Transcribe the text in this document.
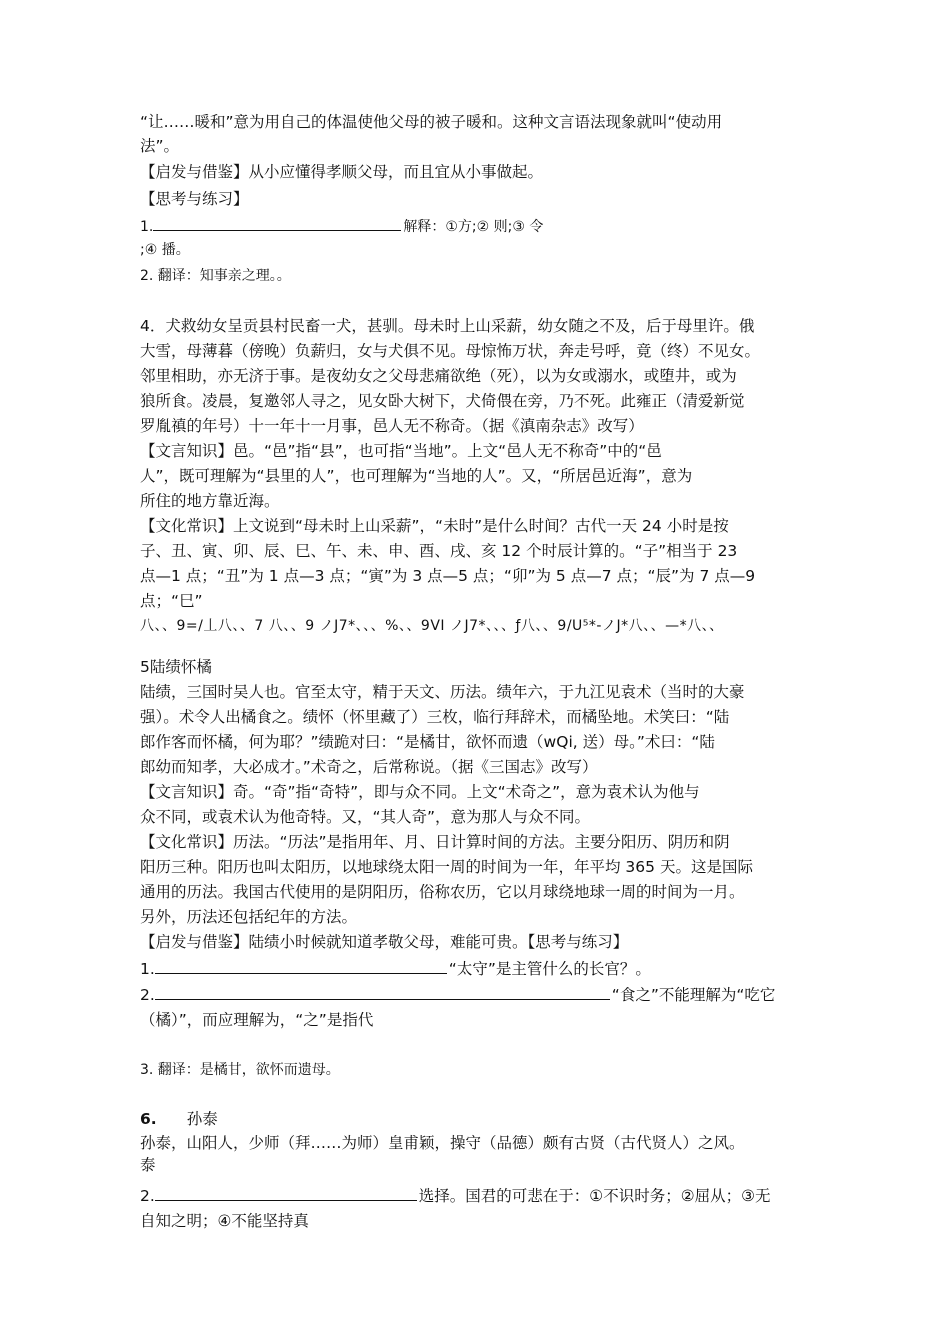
“让……暖和”意为用自己的体温使他父母的被子暖和。这种文言语法现象就叫“使动用
法”。
【启发与借鉴】从小应懂得孝顺父母，而且宜从小事做起。
【思考与练习】
1.	解释：①方;② 则;③ 令
;④ 播。
2. 翻译：知事亲之理。。
4．犬救幼女呈贡县村民畜一犬，甚驯。母未时上山采薪，幼女随之不及，后于母里许。俄
大雪，母薄暮（傍晚）负薪归，女与犬俱不见。母惊怖万状，奔走号呼，竟（终）不见女。
邻里相助，亦无济于事。是夜幼女之父母悲痛欲绝（死），以为女或溺水，或堕井，或为
狼所食。凌晨，复邀邻人寻之，见女卧大树下，犬倚偎在旁，乃不死。此雍正（清爱新觉
罗胤禛的年号）十一年十一月事，邑人无不称奇。（据《滇南杂志》改写）
【文言知识】邑。“邑”指“县”，也可指“当地”。上文“邑人无不称奇”中的“邑
人”，既可理解为“县里的人”，也可理解为“当地的人”。又，“所居邑近海”，意为
所住的地方靠近海。
【文化常识】上文说到“母未时上山采薪”，“未时”是什么时间？古代一天 24 小时是按
子、丑、寅、卯、辰、巳、午、未、申、酉、戌、亥 12 个时辰计算的。“子”相当于 23
点—1 点；“丑”为 1 点—3 点；“寅”为 3 点—5 点；“卯”为 5 点—7 点；“辰”为 7 点—9
点；“巳”
八、、9=/丄八、、7 八、、9 ノJ7*、、、%、、9VI ノJ7*、、、ƒ八、、9/U⁵*-ノJ*八、、—*八、、
5陆绩怀橘
陆绩，三国时吴人也。官至太守，精于天文、历法。绩年六，于九江见袁术（当时的大豪
强）。术令人出橘食之。绩怀（怀里藏了）三枚，临行拜辞术，而橘坠地。术笑曰：“陆
郎作客而怀橘，何为耶？”绩跪对曰：“是橘甘，欲怀而遗（wQi, 送）母。”术曰：“陆
郎幼而知孝，大必成才。”术奇之，后常称说。（据《三国志》改写）
【文言知识】奇。“奇”指“奇特”，即与众不同。上文“术奇之”，意为袁术认为他与
众不同，或袁术认为他奇特。又，“其人奇”，意为那人与众不同。
【文化常识】历法。“历法”是指用年、月、日计算时间的方法。主要分阳历、阴历和阴
阳历三种。阳历也叫太阳历，以地球绕太阳一周的时间为一年，年平均 365 天。这是国际
通用的历法。我国古代使用的是阴阳历，俗称农历，它以月球绕地球一周的时间为一月。
另外，历法还包括纪年的方法。
【启发与借鉴】陆绩小时候就知道孝敬父母，难能可贵。【思考与练习】
1.	“太守”是主管什么的长官？。
2.	“食之”不能理解为“吃它
（橘）”，而应理解为，“之”是指代
3. 翻译：是橘甘，欲怀而遗母。
6. 孙泰
孙泰，山阳人，少师（拜……为师）皇甫颖，操守（品德）颇有古贤（古代贤人）之风。
泰
2.	选择。国君的可悲在于：①不识时务；②屈从；③无
自知之明；④不能坚持真
